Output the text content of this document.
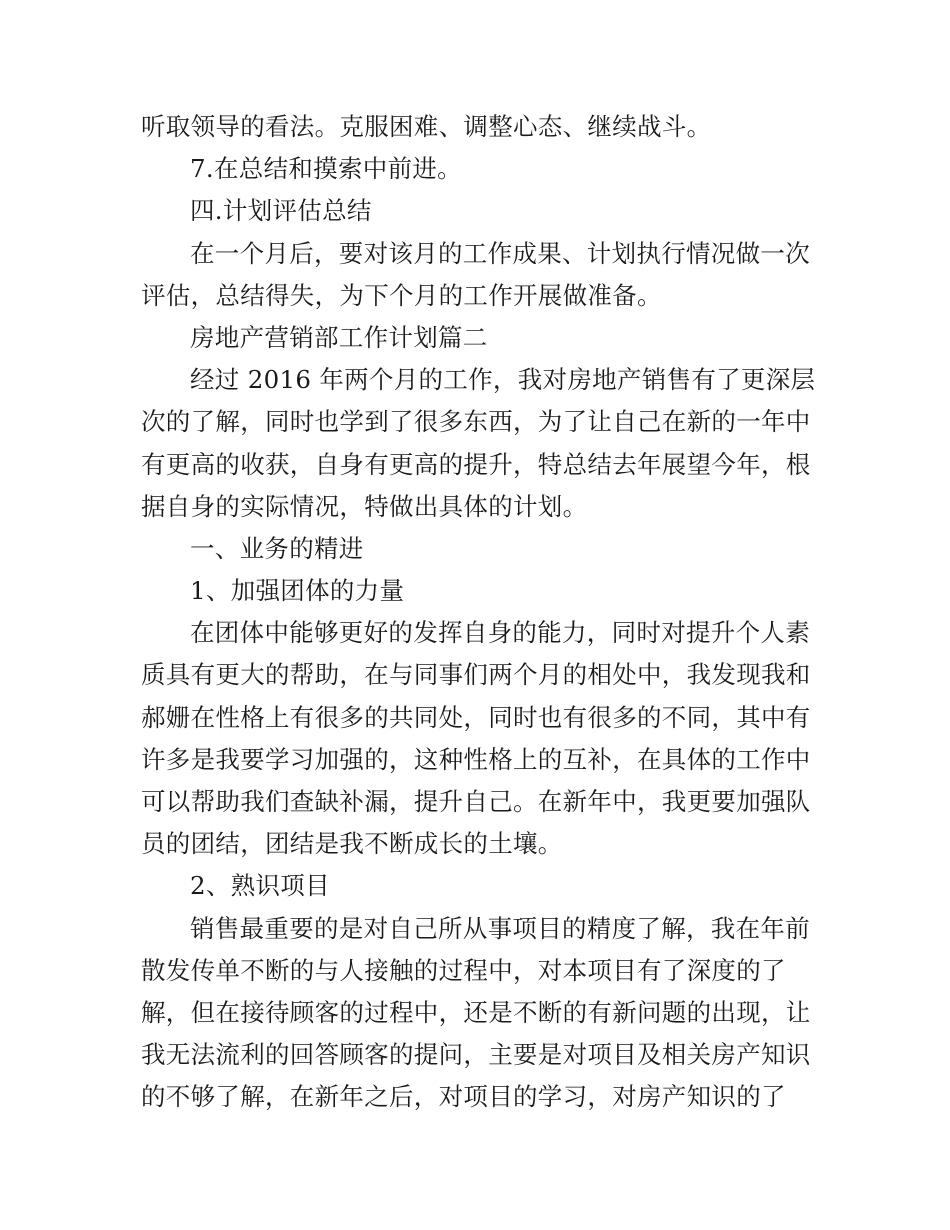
听取领导的看法。克服困难、调整心态、继续战斗。
7.在总结和摸索中前进。
四.计划评估总结
在一个月后，要对该月的工作成果、计划执行情况做一次
评估，总结得失，为下个月的工作开展做准备。
房地产营销部工作计划篇二
经过 2016 年两个月的工作，我对房地产销售有了更深层
次的了解，同时也学到了很多东西，为了让自己在新的一年中
有更高的收获，自身有更高的提升，特总结去年展望今年，根
据自身的实际情况，特做出具体的计划。
一、业务的精进
1、加强团体的力量
在团体中能够更好的发挥自身的能力，同时对提升个人素
质具有更大的帮助，在与同事们两个月的相处中，我发现我和
郝姗在性格上有很多的共同处，同时也有很多的不同，其中有
许多是我要学习加强的，这种性格上的互补，在具体的工作中
可以帮助我们查缺补漏，提升自己。在新年中，我更要加强队
员的团结，团结是我不断成长的土壤。
2、熟识项目
销售最重要的是对自己所从事项目的精度了解，我在年前
散发传单不断的与人接触的过程中，对本项目有了深度的了
解，但在接待顾客的过程中，还是不断的有新问题的出现，让
我无法流利的回答顾客的提问，主要是对项目及相关房产知识
的不够了解，在新年之后，对项目的学习，对房产知识的了
